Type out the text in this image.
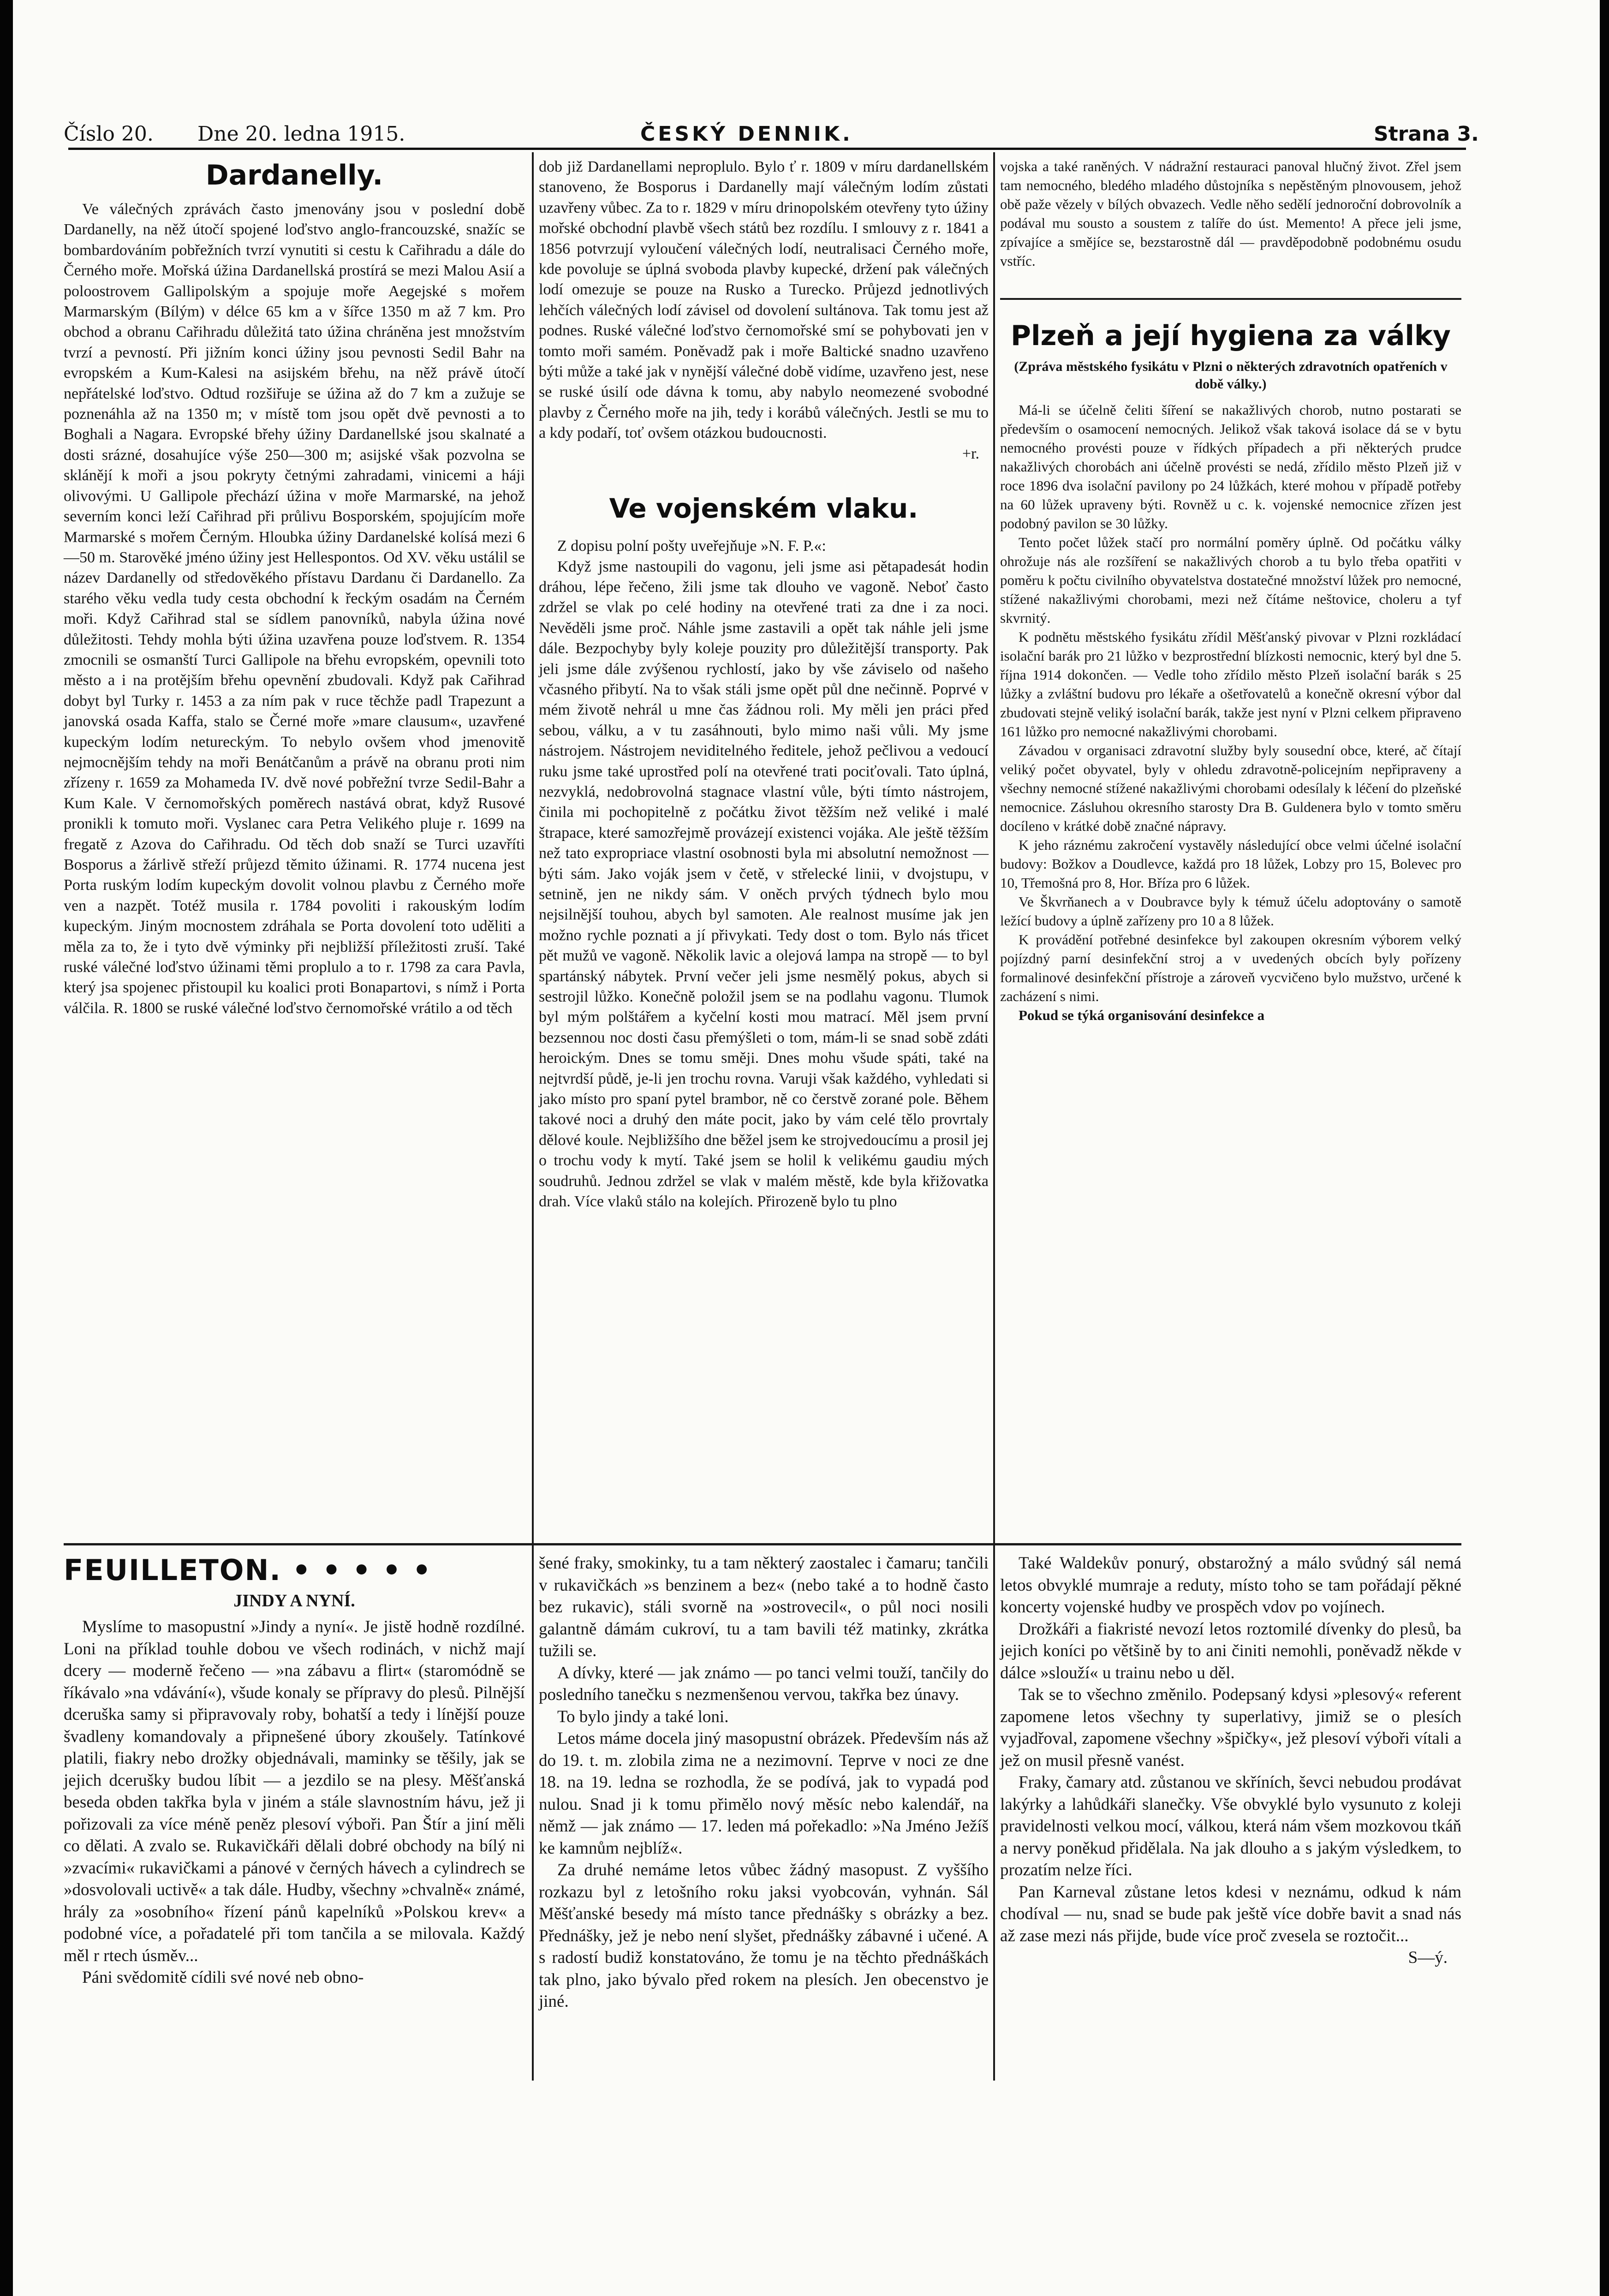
Číslo 20. Dne 20. ledna 1915.	ČESKÝ DENNIK.	Strana 3.
Dardanelly.

Ve válečných zprávách často jmenovány jsou v poslední době Dardanelly, na něž útočí spojené loďstvo anglo-francouzské, snažíc se bombardováním pobřežních tvrzí vynutiti si cestu k Cařihradu a dále do Černého moře. Mořská úžina Dardanellská prostírá se mezi Malou Asií a poloostrovem Gallipolským a spojuje moře Aegejské s mořem Marmarským (Bílým) v délce 65 km a v šířce 1350 m až 7 km. Pro obchod a obranu Cařihradu důležitá tato úžina chráněna jest množstvím tvrzí a pevností. Při jižním konci úžiny jsou pevnosti Sedil Bahr na evropském a Kum-Kalesi na asijském břehu, na něž právě útočí nepřátelské loďstvo. Odtud rozšiřuje se úžina až do 7 km a zužuje se poznenáhla až na 1350 m; v místě tom jsou opět dvě pevnosti a to Boghali a Nagara. Evropské břehy úžiny Dardanellské jsou skalnaté a dosti srázné, dosahujíce výše 250—300 m; asijské však pozvolna se sklánějí k moři a jsou pokryty četnými zahradami, vinicemi a háji olivovými. U Gallipole přechází úžina v moře Marmarské, na jehož severním konci leží Cařihrad při průlivu Bosporském, spojujícím moře Marmarské s mořem Černým. Hloubka úžiny Dardanelské kolísá mezi 6—50 m. Starověké jméno úžiny jest Hellespontos. Od XV. věku ustálil se název Dardanelly od středověkého přístavu Dardanu či Dardanello. Za starého věku vedla tudy cesta obchodní k řeckým osadám na Černém moři. Když Cařihrad stal se sídlem panovníků, nabyla úžina nové důležitosti. Tehdy mohla býti úžina uzavřena pouze loďstvem. R. 1354 zmocnili se osmanští Turci Gallipole na břehu evropském, opevnili toto město a i na protějším břehu opevnění zbudovali. Když pak Cařihrad dobyt byl Turky r. 1453 a za ním pak v ruce těchže padl Trapezunt a janovská osada Kaffa, stalo se Černé moře »mare clausum«, uzavřené kupeckým lodím netureckým. To nebylo ovšem vhod jmenovitě nejmocnějším tehdy na moři Benátčanům a právě na obranu proti nim zřízeny r. 1659 za Mohameda IV. dvě nové pobřežní tvrze Sedil-Bahr a Kum Kale. V černomořských poměrech nastává obrat, když Rusové pronikli k tomuto moři. Vyslanec cara Petra Velikého pluje r. 1699 na fregatě z Azova do Cařihradu. Od těch dob snaží se Turci uzavříti Bosporus a žárlivě střeží průjezd těmito úžinami. R. 1774 nucena jest Porta ruským lodím kupeckým dovolit volnou plavbu z Černého moře ven a nazpět. Totéž musila r. 1784 povoliti i rakouským lodím kupeckým. Jiným mocnostem zdráhala se Porta dovolení toto uděliti a měla za to, že i tyto dvě výminky při nejbližší příležitosti zruší. Také ruské válečné loďstvo úžinami těmi proplulo a to r. 1798 za cara Pavla, který jsa spojenec přistoupil ku koalici proti Bonapartovi, s nímž i Porta válčila. R. 1800 se ruské válečné loďstvo černomořské vrátilo a od těch

dob již Dardanellami neproplulo. Bylo ť r. 1809 v míru dardanellském stanoveno, že Bosporus i Dardanelly mají válečným lodím zůstati uzavřeny vůbec. Za to r. 1829 v míru drinopolském otevřeny tyto úžiny mořské obchodní plavbě všech států bez rozdílu. I smlouvy z r. 1841 a 1856 potvrzují vyloučení válečných lodí, neutralisaci Černého moře, kde povoluje se úplná svoboda plavby kupecké, držení pak válečných lodí omezuje se pouze na Rusko a Turecko. Průjezd jednotlivých lehčích válečných lodí závisel od dovolení sultánova. Tak tomu jest až podnes. Ruské válečné loďstvo černomořské smí se pohybovati jen v tomto moři samém. Poněvadž pak i moře Baltické snadno uzavřeno býti může a také jak v nynější válečné době vidíme, uzavřeno jest, nese se ruské úsilí ode dávna k tomu, aby nabylo neomezené svobodné plavby z Černého moře na jih, tedy i korábů válečných. Jestli se mu to a kdy podaří, toť ovšem otázkou budoucnosti.

+r.
Ve vojenském vlaku.

Z dopisu polní pošty uveřejňuje »N. F. P.«:

Když jsme nastoupili do vagonu, jeli jsme asi pětapadesát hodin dráhou, lépe řečeno, žili jsme tak dlouho ve vagoně. Neboť často zdržel se vlak po celé hodiny na otevřené trati za dne i za noci. Nevěděli jsme proč. Náhle jsme zastavili a opět tak náhle jeli jsme dále. Bezpochyby byly koleje pouzity pro důležitější transporty. Pak jeli jsme dále zvýšenou rychlostí, jako by vše záviselo od našeho včasného přibytí. Na to však stáli jsme opět půl dne nečinně. Poprvé v mém životě nehrál u mne čas žádnou roli. My měli jen práci před sebou, válku, a v tu zasáhnouti, bylo mimo naši vůli. My jsme nástrojem. Nástrojem neviditelného ředitele, jehož pečlivou a vedoucí ruku jsme také uprostřed polí na otevřené trati pociťovali. Tato úplná, nezvyklá, nedobrovolná stagnace vlastní vůle, býti tímto nástrojem, činila mi pochopitelně z počátku život těžším než veliké i malé štrapace, které samozřejmě provázejí existenci vojáka. Ale ještě těžším než tato expropriace vlastní osobnosti byla mi absolutní nemožnost — býti sám. Jako voják jsem v četě, v střelecké linii, v dvojstupu, v setnině, jen ne nikdy sám. V oněch prvých týdnech bylo mou nejsilnější touhou, abych byl samoten. Ale realnost musíme jak jen možno rychle poznati a jí přivykati. Tedy dost o tom. Bylo nás třicet pět mužů ve vagoně. Několik lavic a olejová lampa na stropě — to byl spartánský nábytek. První večer jeli jsme nesmělý pokus, abych si sestrojil lůžko. Konečně položil jsem se na podlahu vagonu. Tlumok byl mým polštářem a kyčelní kosti mou matrací. Měl jsem první bezsennou noc dosti času přemýšleti o tom, mám-li se snad sobě zdáti heroickým. Dnes se tomu směji. Dnes mohu všude spáti, také na nejtvrdší půdě, je-li jen trochu rovna. Varuji však každého, vyhledati si jako místo pro spaní pytel brambor, ně co čerstvě zorané pole. Během takové noci a druhý den máte pocit, jako by vám celé tělo provrtaly dělové koule. Nejbližšího dne běžel jsem ke strojvedoucímu a prosil jej o trochu vody k mytí. Také jsem se holil k velikému gaudiu mých soudruhů. Jednou zdržel se vlak v malém městě, kde byla křižovatka drah. Více vlaků stálo na kolejích. Přirozeně bylo tu plno

vojska a také raněných. V nádražní restauraci panoval hlučný život. Zřel jsem tam nemocného, bledého mladého důstojníka s nepěstěným plnovousem, jehož obě paže vězely v bílých obvazech. Vedle něho sedělí jednoroční dobrovolník a podával mu sousto a soustem z talíře do úst. Memento! A přece jeli jsme, zpívajíce a smějíce se, bezstarostně dál — pravděpodobně podobnému osudu vstříc.

Plzeň a její hygiena za války
(Zpráva městského fysikátu v Plzni o některých zdravotních opatřeních v době války.)

Má-li se účelně čeliti šíření se nakažlivých chorob, nutno postarati se především o osamocení nemocných. Jelikož však taková isolace dá se v bytu nemocného provésti pouze v řídkých případech a při některých prudce nakažlivých chorobách ani účelně provésti se nedá, zřídilo město Plzeň již v roce 1896 dva isolační pavilony po 24 lůžkách, které mohou v případě potřeby na 60 lůžek upraveny býti. Rovněž u c. k. vojenské nemocnice zřízen jest podobný pavilon se 30 lůžky.

Tento počet lůžek stačí pro normální poměry úplně. Od počátku války ohrožuje nás ale rozšíření se nakažlivých chorob a tu bylo třeba opatřiti v poměru k počtu civilního obyvatelstva dostatečné množství lůžek pro nemocné, stížené nakažlivými chorobami, mezi než čítáme neštovice, choleru a tyf skvrnitý.

K podnětu městského fysikátu zřídil Měšťanský pivovar v Plzni rozkládací isolační barák pro 21 lůžko v bezprostřední blízkosti nemocnic, který byl dne 5. října 1914 dokončen. — Vedle toho zřídilo město Plzeň isolační barák s 25 lůžky a zvláštní budovu pro lékaře a ošetřovatelů a konečně okresní výbor dal zbudovati stejně veliký isolační barák, takže jest nyní v Plzni celkem připraveno 161 lůžko pro nemocné nakažlivými chorobami.

Závadou v organisaci zdravotní služby byly sousední obce, které, ač čítají veliký počet obyvatel, byly v ohledu zdravotně-policejním nepřipraveny a všechny nemocné stížené nakažlivými chorobami odesílaly k léčení do plzeňské nemocnice. Zásluhou okresního starosty Dra B. Guldenera bylo v tomto směru docíleno v krátké době značné nápravy.

K jeho ráznému zakročení vystavěly následující obce velmi účelné isolační budovy: Božkov a Doudlevce, každá pro 18 lůžek, Lobzy pro 15, Bolevec pro 10, Třemošná pro 8, Hor. Bříza pro 6 lůžek.

Ve Škvrňanech a v Doubravce byly k témuž účelu adoptovány o samotě ležící budovy a úplně zařízeny pro 10 a 8 lůžek.

K provádění potřebné desinfekce byl zakoupen okresním výborem velký pojízdný parní desinfekční stroj a v uvedených obcích byly pořízeny formalinové desinfekční přístroje a zároveň vycvičeno bylo mužstvo, určené k zacházení s nimi.

Pokud se týká organisování desinfekce a

FEUILLETON. • • • • •
JINDY A NYNÍ.

Myslíme to masopustní »Jindy a nyní«. Je jistě hodně rozdílné. Loni na příklad touhle dobou ve všech rodinách, v nichž mají dcery — moderně řečeno — »na zábavu a flirt« (staromódně se říkávalo »na vdávání«), všude konaly se přípravy do plesů. Pilnější dceruška samy si připravovaly roby, bohatší a tedy i línější pouze švadleny komandovaly a připnešené úbory zkoušely. Tatínkové platili, fiakry nebo drožky objednávali, maminky se těšily, jak se jejich dcerušky budou líbit — a jezdilo se na plesy. Měšťanská beseda obden takřka byla v jiném a stále slavnostním hávu, jež ji pořizovali za více méně peněz plesoví výboři. Pan Štír a jiní měli co dělati. A zvalo se. Rukavičkáři dělali dobré obchody na bílý ni »zvacími« rukavičkami a pánové v černých hávech a cylindrech se »dosvolovali uctivě« a tak dále. Hudby, všechny »chvalně« známé, hrály za »osobního« řízení pánů kapelníků »Polskou krev« a podobné více, a pořadatelé při tom tančila a se milovala. Každý měl r rtech úsměv...

Páni svědomitě cídili své nové neb obno-

šené fraky, smokinky, tu a tam některý zaostalec i čamaru; tančili v rukavičkách »s benzinem a bez« (nebo také a to hodně často bez rukavic), stáli svorně na »ostrovecil«, o půl noci nosili galantně dámám cukroví, tu a tam bavili též matinky, zkrátka tužili se.

A dívky, které — jak známo — po tanci velmi touží, tančily do posledního tanečku s nezmenšenou vervou, takřka bez únavy.

To bylo jindy a také loni.

Letos máme docela jiný masopustní obrázek. Především nás až do 19. t. m. zlobila zima ne a nezimovní. Teprve v noci ze dne 18. na 19. ledna se rozhodla, že se podívá, jak to vypadá pod nulou. Snad ji k tomu přimělo nový měsíc nebo kalendář, na němž — jak známo — 17. leden má pořekadlo: »Na Jméno Ježíš ke kamnům nejblíž«.

Za druhé nemáme letos vůbec žádný masopust. Z vyššího rozkazu byl z letošního roku jaksi vyobcován, vyhnán. Sál Měšťanské besedy má místo tance přednášky s obrázky a bez. Přednášky, jež je nebo není slyšet, přednášky zábavné i učené. A s radostí budiž konstatováno, že tomu je na těchto přednáškách tak plno, jako bývalo před rokem na plesích. Jen obecenstvo je jiné.

Také Waldekův ponurý, obstarožný a málo svůdný sál nemá letos obvyklé mumraje a reduty, místo toho se tam pořádají pěkné koncerty vojenské hudby ve prospěch vdov po vojínech.

Drožkáři a fiakristé nevozí letos roztomilé dívenky do plesů, ba jejich koníci po většině by to ani činiti nemohli, poněvadž někde v dálce »slouží« u trainu nebo u děl.

Tak se to všechno změnilo. Podepsaný kdysi »plesový« referent zapomene letos všechny ty superlativy, jimiž se o plesích vyjadřoval, zapomene všechny »špičky«, jež plesoví výboři vítali a jež on musil přesně vanést.

Fraky, čamary atd. zůstanou ve skříních, ševci nebudou prodávat lakýrky a lahůdkáři slanečky. Vše obvyklé bylo vysunuto z koleji pravidelnosti velkou mocí, válkou, která nám všem mozkovou tkáň a nervy poněkud přidělala. Na jak dlouho a s jakým výsledkem, to prozatím nelze říci.

Pan Karneval zůstane letos kdesi v neznámu, odkud k nám chodíval — nu, snad se bude pak ještě více dobře bavit a snad nás až zase mezi nás přijde, bude více proč zvesela se roztočit...

S—ý.
